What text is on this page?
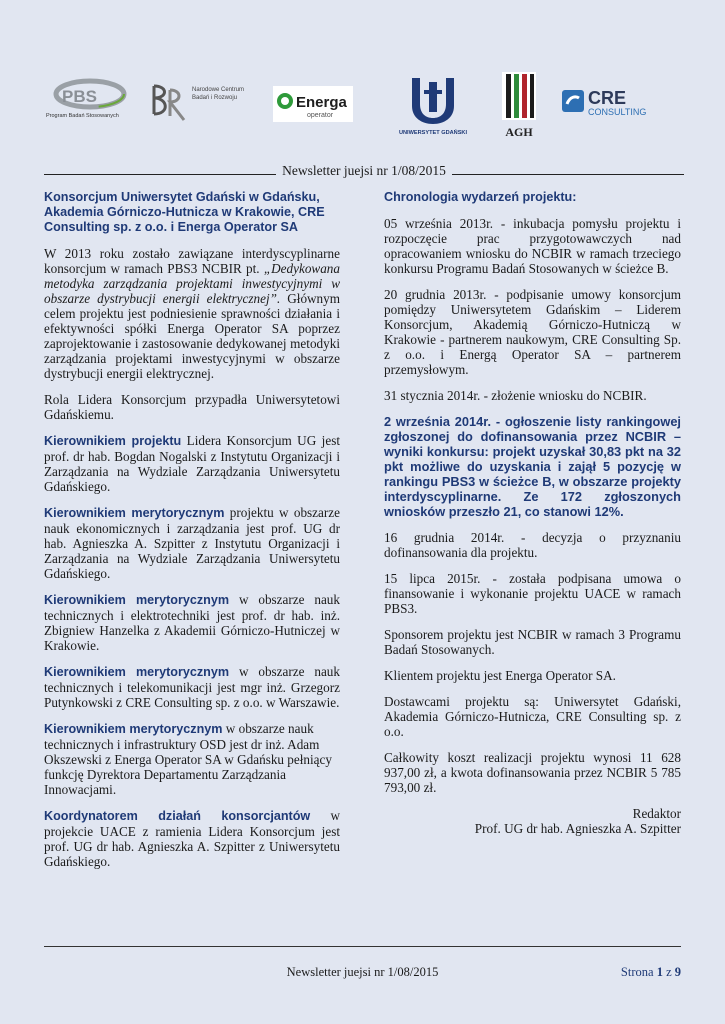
PBS
Program Badań Stosowanych
Narodowe Centrum Badań i Rozwoju	Energa
operator
UNIWERSYTET GDAŃSKI	AGH
CRE
CONSULTING
Newsletter juejsi nr 1/08/2015

Konsorcjum Uniwersytet Gdański w Gdańsku, Akademia Górniczo-Hutnicza w Krakowie, CRE Consulting sp. z o.o. i Energa Operator SA

W 2013 roku zostało zawiązane interdyscyplinarne konsorcjum w ramach PBS3 NCBIR pt. „Dedykowana metodyka zarządzania projektami inwestycyjnymi w obszarze dystrybucji energii elektrycznej”. Głównym celem projektu jest podniesienie sprawności działania i efektywności spółki Energa Operator SA poprzez zaprojektowanie i zastosowanie dedykowanej metodyki zarządzania projektami inwestycyjnymi w obszarze dystrybucji energii elektrycznej.

Rola Lidera Konsorcjum przypadła Uniwersytetowi Gdańskiemu.

Kierownikiem projektu Lidera Konsorcjum UG jest prof. dr hab. Bogdan Nogalski z Instytutu Organizacji i Zarządzania na Wydziale Zarządzania Uniwersytetu Gdańskiego.

Kierownikiem merytorycznym projektu w obszarze nauk ekonomicznych i zarządzania jest prof. UG dr hab. Agnieszka A. Szpitter z Instytutu Organizacji i Zarządzania na Wydziale Zarządzania Uniwersytetu Gdańskiego.

Kierownikiem merytorycznym w obszarze nauk technicznych i elektrotechniki jest prof. dr hab. inż. Zbigniew Hanzelka z Akademii Górniczo-Hutniczej w Krakowie.

Kierownikiem merytorycznym w obszarze nauk technicznych i telekomunikacji jest mgr inż. Grzegorz Putynkowski z CRE Consulting sp. z o.o. w Warszawie.

Kierownikiem merytorycznym w obszarze nauk technicznych i infrastruktury OSD jest dr inż. Adam Okszewski z Energa Operator SA w Gdańsku pełniący funkcję Dyrektora Departamentu Zarządzania Innowacjami.

Koordynatorem działań konsorcjantów w projekcie UACE z ramienia Lidera Konsorcjum jest prof. UG dr hab. Agnieszka A. Szpitter z Uniwersytetu Gdańskiego.

Chronologia wydarzeń projektu:

05 września 2013r. - inkubacja pomysłu projektu i rozpoczęcie prac przygotowawczych nad opracowaniem wniosku do NCBIR w ramach trzeciego konkursu Programu Badań Stosowanych w ścieżce B.

20 grudnia 2013r. - podpisanie umowy konsorcjum pomiędzy Uniwersytetem Gdańskim – Liderem Konsorcjum, Akademią Górniczo-Hutniczą w Krakowie - partnerem naukowym, CRE Consulting Sp. z o.o. i Energą Operator SA – partnerem przemysłowym.

31 stycznia 2014r. - złożenie wniosku do NCBIR.

2 września 2014r. - ogłoszenie listy rankingowej zgłoszonej do dofinansowania przez NCBIR – wyniki konkursu: projekt uzyskał 30,83 pkt na 32 pkt możliwe do uzyskania i zajął 5 pozycję w rankingu PBS3 w ścieżce B, w obszarze projekty interdyscyplinarne. Ze 172 zgłoszonych wniosków przeszło 21, co stanowi 12%.

16 grudnia 2014r. - decyzja o przyznaniu dofinansowania dla projektu.

15 lipca 2015r. - została podpisana umowa o finansowanie i wykonanie projektu UACE w ramach PBS3.

Sponsorem projektu jest NCBIR w ramach 3 Programu Badań Stosowanych.

Klientem projektu jest Energa Operator SA.

Dostawcami projektu są: Uniwersytet Gdański, Akademia Górniczo-Hutnicza, CRE Consulting sp. z o.o.

Całkowity koszt realizacji projektu wynosi 11 628 937,00 zł, a kwota dofinansowania przez NCBIR 5 785 793,00 zł.

Redaktor
Prof. UG dr hab. Agnieszka A. Szpitter

Newsletter juejsi nr 1/08/2015	Strona 1 z 9
